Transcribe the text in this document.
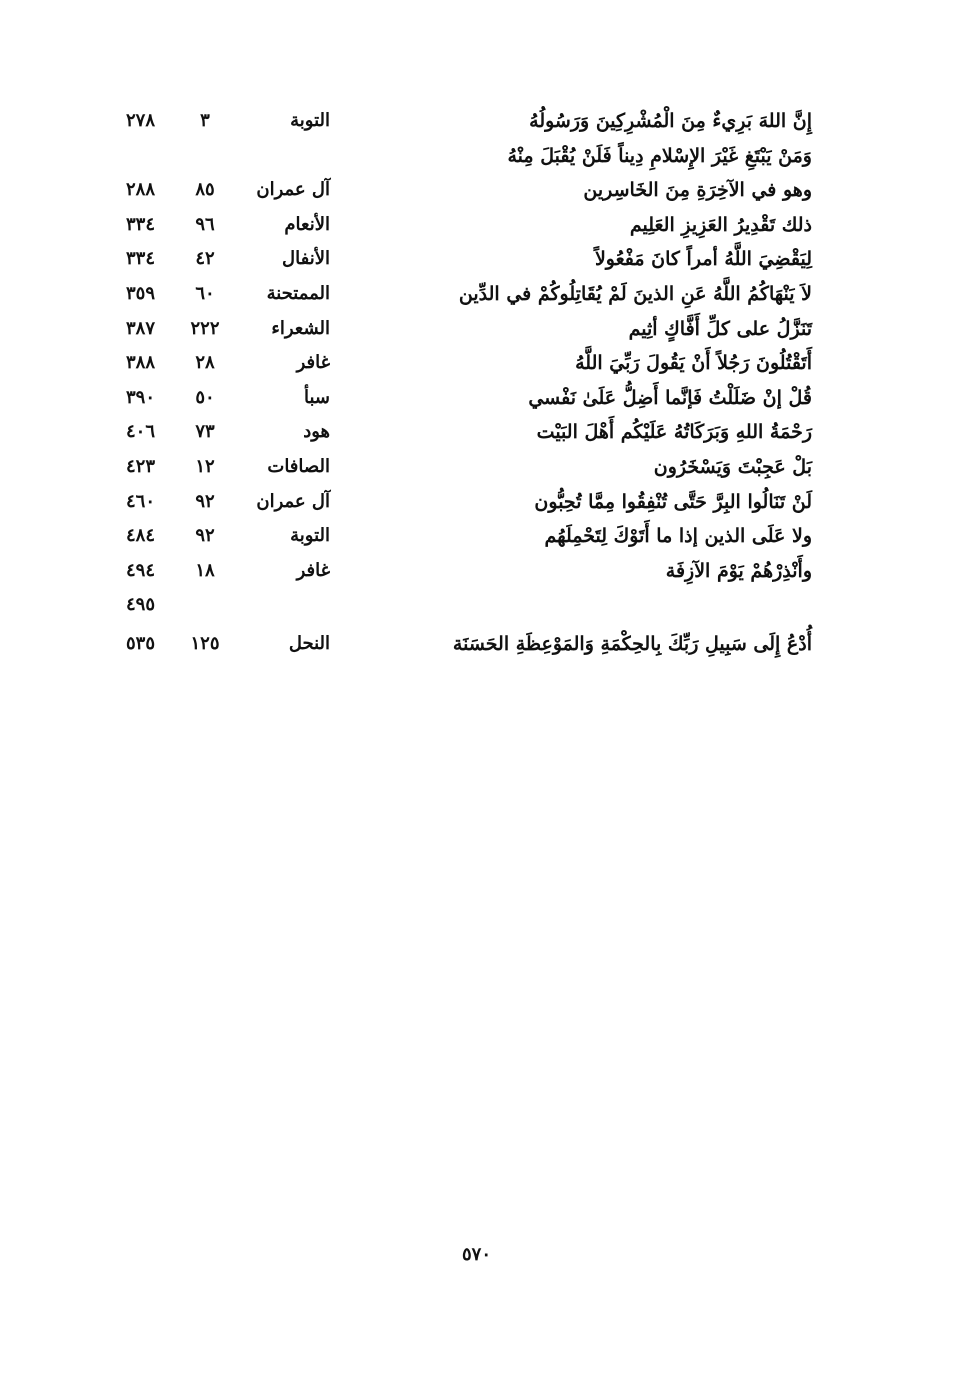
إِنَّ اللهَ بَرِيءٌ مِنَ الْمُشْرِكِينَ وَرَسُولُهُ
التوبة
٣
٢٧٨
وَمَنْ يَبْتَغِ غَيْرَ الإِسْلامِ دِيناً فَلَنْ يُقْبَلَ مِنْهُ
وهو في الآخِرَةِ مِنَ الخَاسِرين
آل عمران
٨٥
٢٨٨
ذلك تَقْدِيرُ العَزِيزِ العَلِيم
الأنعام
٩٦
٣٣٤
لِيَقْضِيَ اللَّهُ أمراً كانَ مَفْعُولاً
الأنفال
٤٢
٣٣٤
لاَ يَنْهَاكُمُ اللَّهُ عَنِ الذينَ لَمْ يُقَاتِلُوكُمْ في الدِّين
الممتحنة
٦٠
٣٥٩
تَنَزَّلُ على كلِّ أَفَّاكٍ أثِيم
الشعراء
٢٢٢
٣٨٧
أَتَقْتُلُونَ رَجُلاً أَنْ يَقُولَ رَبِّيَ اللَّهُ
غافر
٢٨
٣٨٨
قُلْ إنْ ضَلَلْتُ فَإنَّما أَضِلُّ عَلَىٰ نَفْسي
سبأ
٥٠
٣٩٠
رَحْمَةُ اللهِ وَبَرَكَاتُهُ عَلَيْكُم أَهْلَ البَيْت
هود
٧٣
٤٠٦
بَلْ عَجِبْتَ وَيَسْخَرُون
الصافات
١٢
٤٢٣
لَنْ تَنَالُوا البِرَّ حَتَّى تُنْفِقُوا مِمَّا تُحِبُّون
آل عمران
٩٢
٤٦٠
ولا عَلَى الذين إذا ما أَتَوْكَ لِتَحْمِلَهُم
التوبة
٩٢
٤٨٤
وأَنْذِرْهُمْ يَوْمَ الآزِفَة
غافر
١٨
٤٩٤
٤٩٥
أُدْعُ إِلَى سَبِيلِ رَبِّكَ بِالحِكْمَةِ وَالمَوْعِظَةِ الحَسَنَة
النحل
١٢٥
٥٣٥
٥٧٠
